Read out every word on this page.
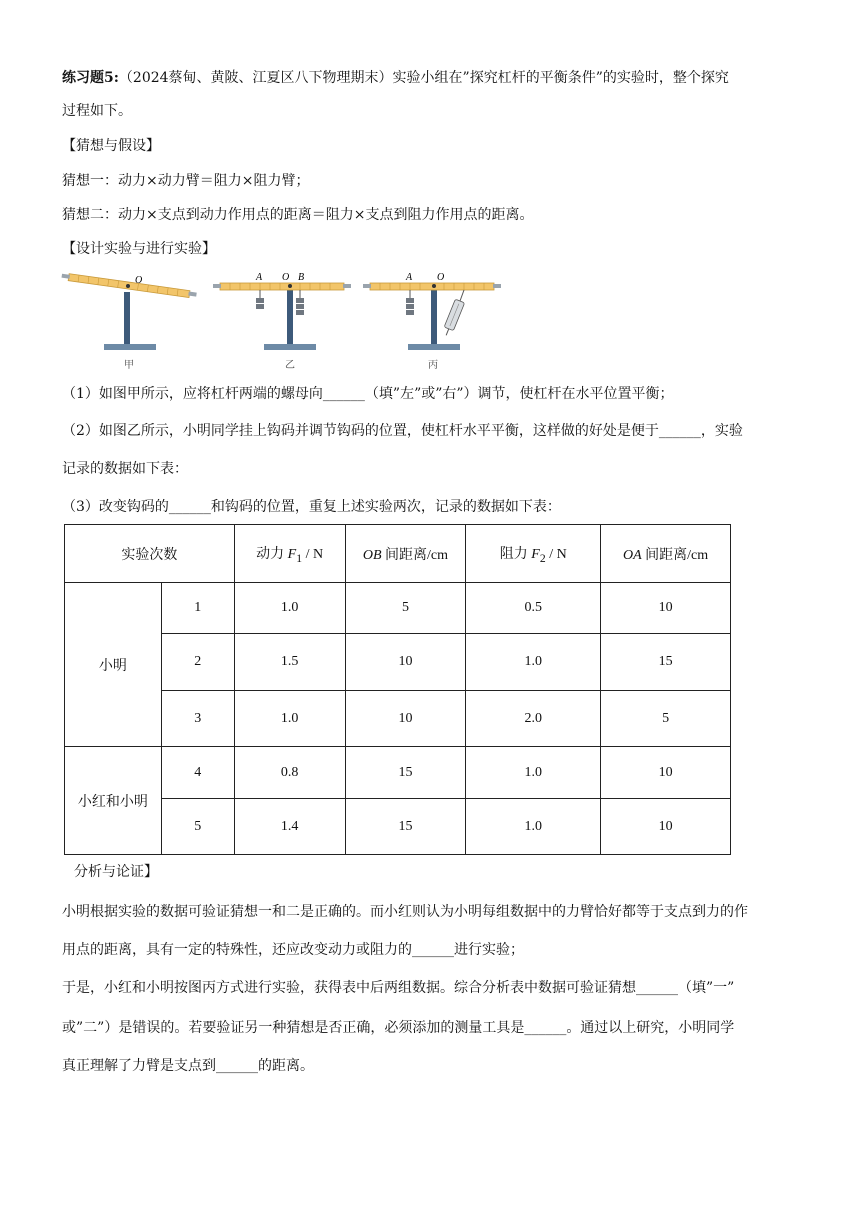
练习题5:（2024蔡甸、黄陂、江夏区八下物理期末）实验小组在”探究杠杆的平衡条件”的实验时，整个探究
过程如下。
【猜想与假设】
猜想一：动力×动力臂＝阻力×阻力臂；
猜想二：动力×支点到动力作用点的距离＝阻力×支点到阻力作用点的距离。
【设计实验与进行实验】
O
甲
A O B
乙
A O
丙
（1）如图甲所示，应将杠杆两端的螺母向______（填”左”或”右”）调节，使杠杆在水平位置平衡；
（2）如图乙所示，小明同学挂上钩码并调节钩码的位置，使杠杆水平平衡，这样做的好处是便于______，实验
记录的数据如下表：
（3）改变钩码的______和钩码的位置，重复上述实验两次，记录的数据如下表：
实验次数		动力 $F_1$ / N	OB 间距离/cm	阻力 $F_2$ / N	OA 间距离/cm
小明	1	1.0	5	0.5	10
	2	1.5	10	1.0	15
	3	1.0	10	2.0	5
小红和小明	4	0.8	15	1.0	10
	5	1.4	15	1.0	10
分析与论证】
小明根据实验的数据可验证猜想一和二是正确的。而小红则认为小明每组数据中的力臂恰好都等于支点到力的作
用点的距离，具有一定的特殊性，还应改变动力或阻力的______进行实验；
于是，小红和小明按图丙方式进行实验，获得表中后两组数据。综合分析表中数据可验证猜想______（填”一”
或”二”）是错误的。若要验证另一种猜想是否正确，必须添加的测量工具是______。通过以上研究，小明同学
真正理解了力臂是支点到______的距离。
